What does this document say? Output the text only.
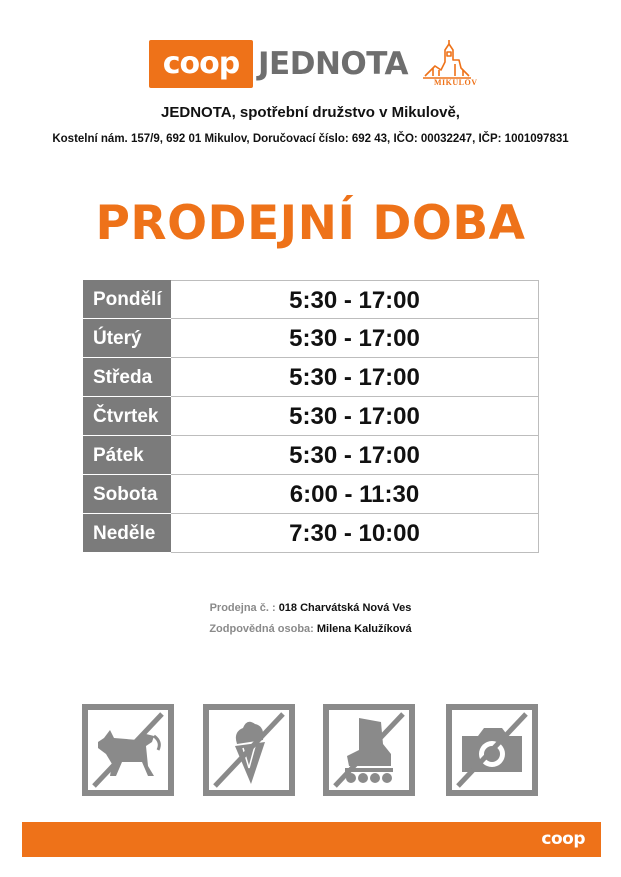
coop JEDNOTA
MIKULOV
JEDNOTA, spotřební družstvo v Mikulově,
Kostelní nám. 157/9, 692 01 Mikulov, Doručovací číslo: 692 43, IČO: 00032247, IČP: 1001097831
PRODEJNÍ DOBA
Pondělí	5:30 - 17:00
Úterý	5:30 - 17:00
Středa	5:30 - 17:00
Čtvrtek	5:30 - 17:00
Pátek	5:30 - 17:00
Sobota	6:00 - 11:30
Neděle	7:30 - 10:00
Prodejna č. : 018 Charvátská Nová Ves
Zodpovědná osoba: Milena Kalužíková
coop
